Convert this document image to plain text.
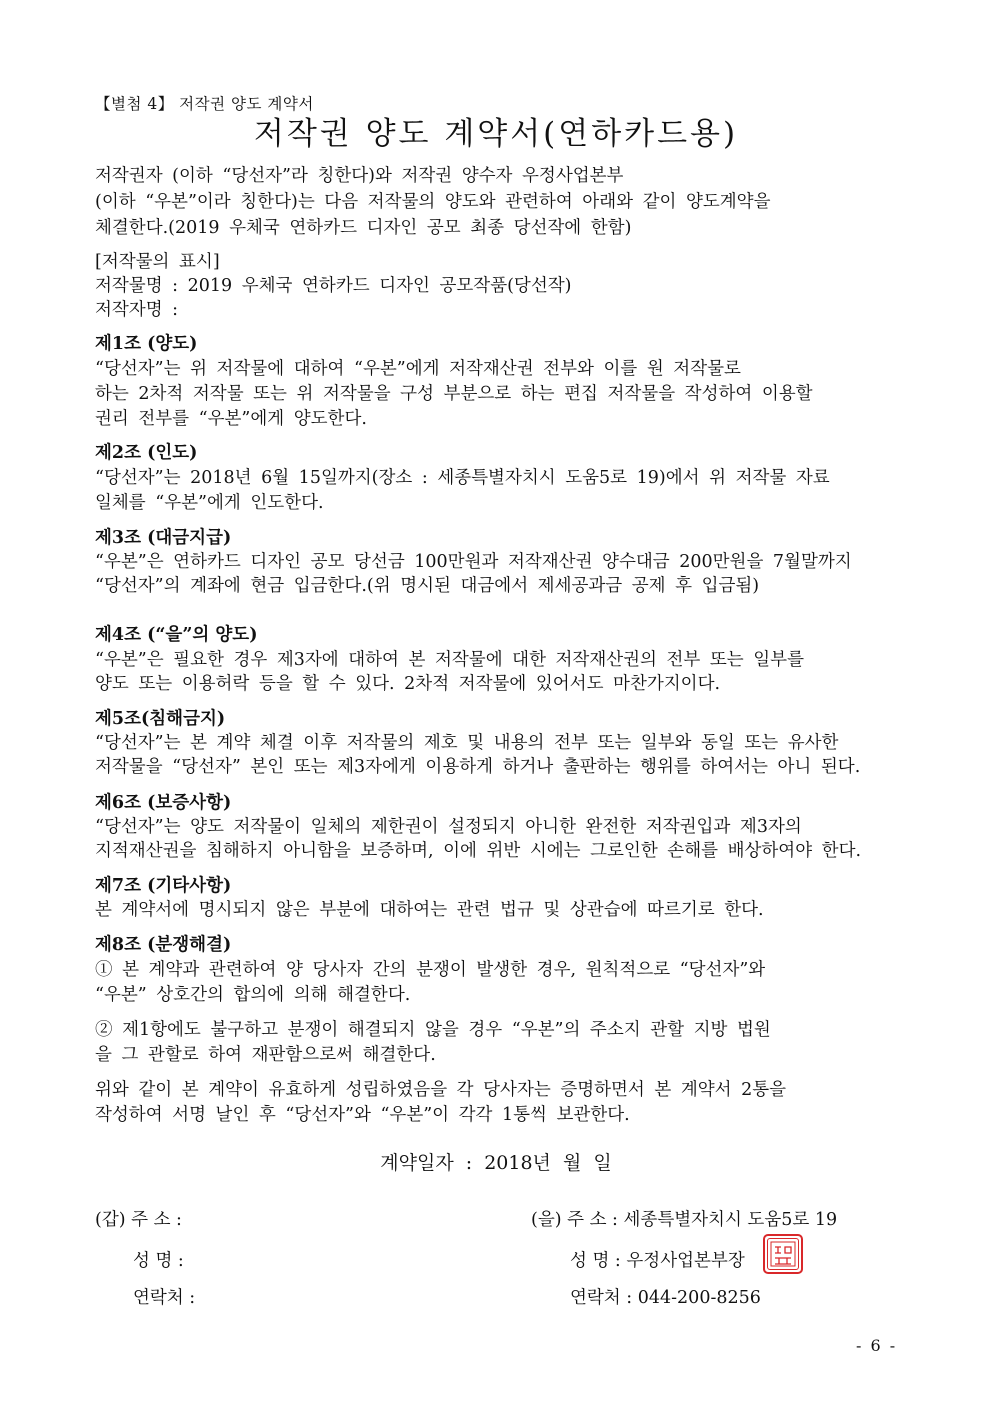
【별첨 4】 저작권 양도 계약서
저작권 양도 계약서(연하카드용)
저작권자 (이하 “당선자”라 칭한다)와 저작권 양수자 우정사업본부
(이하 “우본”이라 칭한다)는 다음 저작물의 양도와 관련하여 아래와 같이 양도계약을
체결한다.(2019 우체국 연하카드 디자인 공모 최종 당선작에 한함)
[저작물의 표시]
저작물명 : 2019 우체국 연하카드 디자인 공모작품(당선작)
저작자명 :
제1조 (양도)
“당선자”는 위 저작물에 대하여 “우본”에게 저작재산권 전부와 이를 원 저작물로
하는 2차적 저작물 또는 위 저작물을 구성 부분으로 하는 편집 저작물을 작성하여 이용할
권리 전부를 “우본”에게 양도한다.
제2조 (인도)
“당선자”는 2018년 6월 15일까지(장소 : 세종특별자치시 도움5로 19)에서 위 저작물 자료
일체를 “우본”에게 인도한다.
제3조 (대금지급)
“우본”은 연하카드 디자인 공모 당선금 100만원과 저작재산권 양수대금 200만원을 7월말까지
“당선자”의 계좌에 현금 입금한다.(위 명시된 대금에서 제세공과금 공제 후 입금됨)
제4조 (“을”의 양도)
“우본”은 필요한 경우 제3자에 대하여 본 저작물에 대한 저작재산권의 전부 또는 일부를
양도 또는 이용허락 등을 할 수 있다. 2차적 저작물에 있어서도 마찬가지이다.
제5조(침해금지)
“당선자”는 본 계약 체결 이후 저작물의 제호 및 내용의 전부 또는 일부와 동일 또는 유사한
저작물을 “당선자” 본인 또는 제3자에게 이용하게 하거나 출판하는 행위를 하여서는 아니 된다.
제6조 (보증사항)
“당선자”는 양도 저작물이 일체의 제한권이 설정되지 아니한 완전한 저작권입과 제3자의
지적재산권을 침해하지 아니함을 보증하며, 이에 위반 시에는 그로인한 손해를 배상하여야 한다.
제7조 (기타사항)
본 계약서에 명시되지 않은 부분에 대하여는 관련 법규 및 상관습에 따르기로 한다.
제8조 (분쟁해결)
① 본 계약과 관련하여 양 당사자 간의 분쟁이 발생한 경우, 원칙적으로 “당선자”와
“우본” 상호간의 합의에 의해 해결한다.
② 제1항에도 불구하고 분쟁이 해결되지 않을 경우 “우본”의 주소지 관할 지방 법원
을 그 관할로 하여 재판함으로써 해결한다.
위와 같이 본 계약이 유효하게 성립하였음을 각 당사자는 증명하면서 본 계약서 2통을
작성하여 서명 날인 후 “당선자”와 “우본”이 각각 1통씩 보관한다.
계약일자 : 2018년 월 일
(갑) 주 소 :
성 명 :
연락처 :
(을) 주 소 : 세종특별자치시 도움5로 19
성 명 : 우정사업본부장
연락처 : 044-200-8256
- 6 -
